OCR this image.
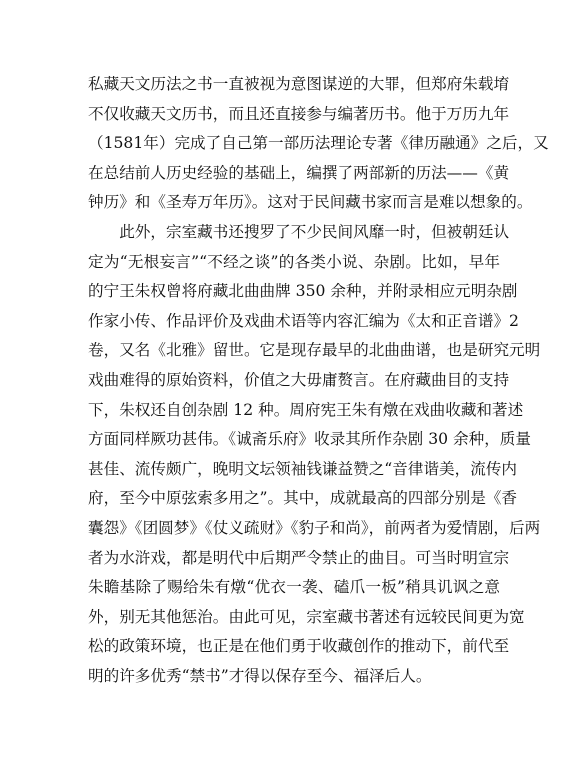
私藏天文历法之书一直被视为意图谋逆的大罪，但郑府朱载堉
不仅收藏天文历书，而且还直接参与编著历书。他于万历九年
（1581年）完成了自己第一部历法理论专著《律历融通》之后，又
在总结前人历史经验的基础上，编撰了两部新的历法——《黄
钟历》和《圣寿万年历》。这对于民间藏书家而言是难以想象的。
　　此外，宗室藏书还搜罗了不少民间风靡一时，但被朝廷认
定为“无根妄言”“不经之谈”的各类小说、杂剧。比如，早年
的宁王朱权曾将府藏北曲曲牌 350 余种，并附录相应元明杂剧
作家小传、作品评价及戏曲术语等内容汇编为《太和正音谱》2
卷，又名《北雅》留世。它是现存最早的北曲曲谱，也是研究元明
戏曲难得的原始资料，价值之大毋庸赘言。在府藏曲目的支持
下，朱权还自创杂剧 12 种。周府宪王朱有燉在戏曲收藏和著述
方面同样厥功甚伟。《诚斋乐府》收录其所作杂剧 30 余种，质量
甚佳、流传颇广，晚明文坛领袖钱谦益赞之“音律谐美，流传内
府，至今中原弦索多用之”。其中，成就最高的四部分别是《香
囊怨》《团圆梦》《仗义疏财》《豹子和尚》，前两者为爱情剧，后两
者为水浒戏，都是明代中后期严令禁止的曲目。可当时明宣宗
朱瞻基除了赐给朱有燉“优衣一袭、磕爪一板”稍具讥讽之意
外，别无其他惩治。由此可见，宗室藏书著述有远较民间更为宽
松的政策环境，也正是在他们勇于收藏创作的推动下，前代至
明的许多优秀“禁书”才得以保存至今、福泽后人。
